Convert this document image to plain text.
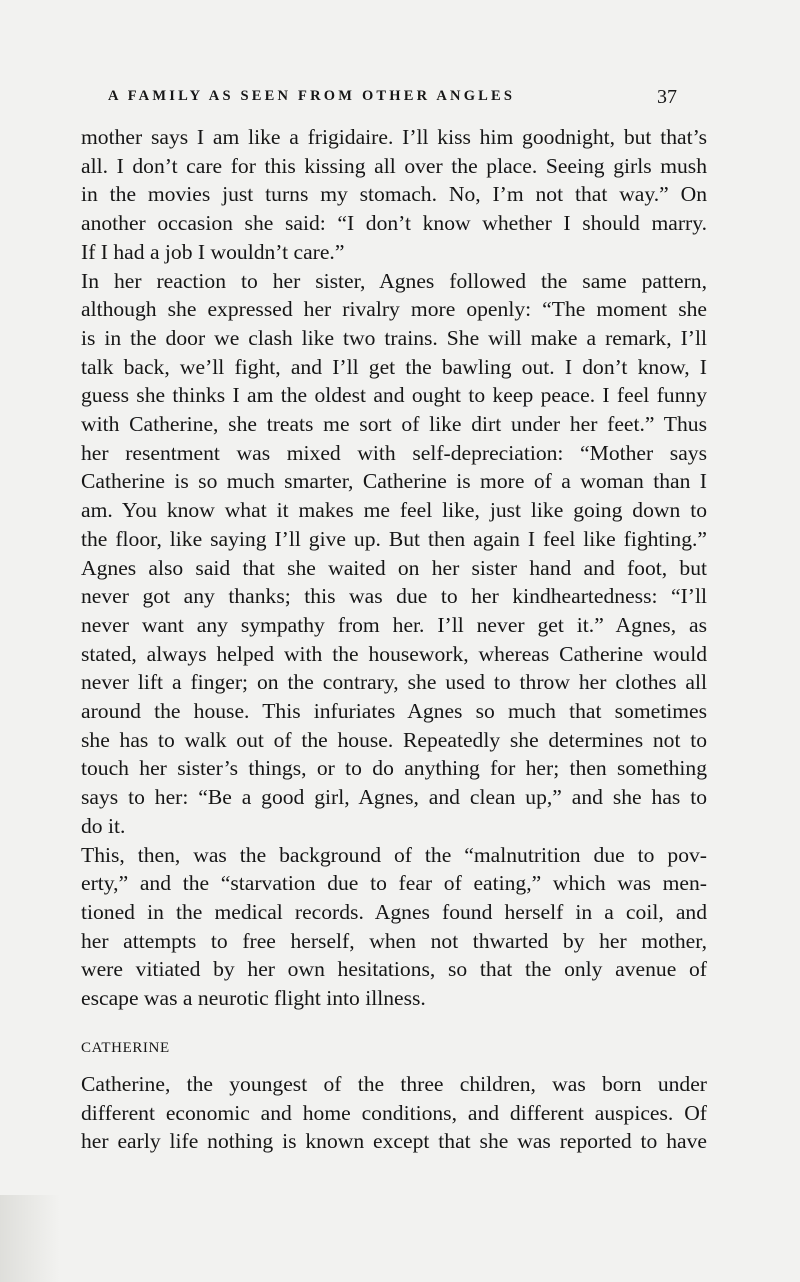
A FAMILY AS SEEN FROM OTHER ANGLES	37
mother says I am like a frigidaire. I’ll kiss him goodnight, but that’s
all. I don’t care for this kissing all over the place. Seeing girls mush
in the movies just turns my stomach. No, I’m not that way.” On
another occasion she said: “I don’t know whether I should marry.
If I had a job I wouldn’t care.”
In her reaction to her sister, Agnes followed the same pattern,
although she expressed her rivalry more openly: “The moment she
is in the door we clash like two trains. She will make a remark, I’ll
talk back, we’ll fight, and I’ll get the bawling out. I don’t know, I
guess she thinks I am the oldest and ought to keep peace. I feel funny
with Catherine, she treats me sort of like dirt under her feet.” Thus
her resentment was mixed with self-depreciation: “Mother says
Catherine is so much smarter, Catherine is more of a woman than I
am. You know what it makes me feel like, just like going down to
the floor, like saying I’ll give up. But then again I feel like fighting.”
Agnes also said that she waited on her sister hand and foot, but
never got any thanks; this was due to her kindheartedness: “I’ll
never want any sympathy from her. I’ll never get it.” Agnes, as
stated, always helped with the housework, whereas Catherine would
never lift a finger; on the contrary, she used to throw her clothes all
around the house. This infuriates Agnes so much that sometimes
she has to walk out of the house. Repeatedly she determines not to
touch her sister’s things, or to do anything for her; then something
says to her: “Be a good girl, Agnes, and clean up,” and she has to
do it.
This, then, was the background of the “malnutrition due to pov-
erty,” and the “starvation due to fear of eating,” which was men-
tioned in the medical records. Agnes found herself in a coil, and
her attempts to free herself, when not thwarted by her mother,
were vitiated by her own hesitations, so that the only avenue of
escape was a neurotic flight into illness.
CATHERINE
Catherine, the youngest of the three children, was born under
different economic and home conditions, and different auspices. Of
her early life nothing is known except that she was reported to have
